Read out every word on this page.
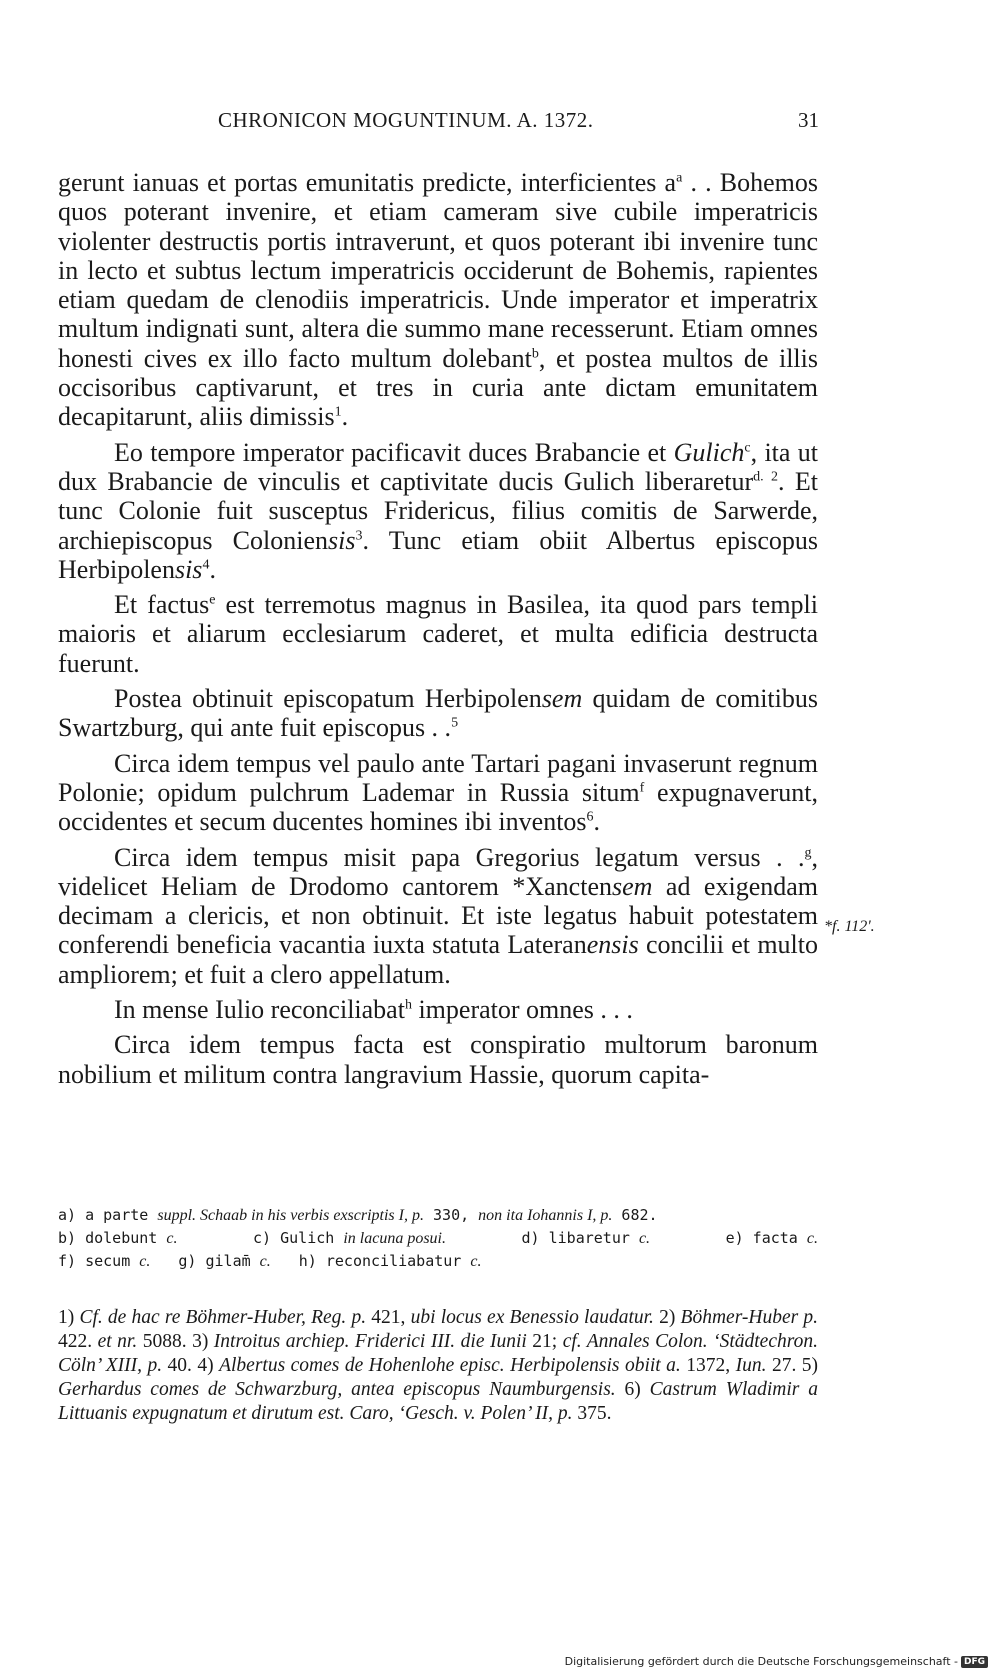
CHRONICON MOGUNTINUM. A. 1372.	31

gerunt ianuas et portas emunitatis predicte, interficientes $a^a$ . . Bohemos quos poterant invenire, et etiam cameram sive cubile imperatricis violenter destructis portis intraverunt, et quos poterant ibi invenire tunc in lecto et subtus lectum imperatricis occiderunt de Bohemis, rapientes etiam quedam de clenodiis imperatricis. Unde imperator et imperatrix multum indignati sunt, altera die summo mane recesserunt. Etiam omnes honesti cives ex illo facto multum dolebant$^b$, et postea multos de illis occisoribus captivarunt, et tres in curia ante dictam emunitatem decapitarunt, aliis dimissis$^1$.

Eo tempore imperator pacificavit duces Brabancie et Gulich$^c$, ita ut dux Brabancie de vinculis et captivitate ducis Gulich liberaretur$^{d. 2}$. Et tunc Colonie fuit susceptus Fridericus, filius comitis de Sarwerde, archiepiscopus Coloniensis$^3$. Tunc etiam obiit Albertus episcopus Herbipolensis$^4$.

Et factus$^e$ est terremotus magnus in Basilea, ita quod pars templi maioris et aliarum ecclesiarum caderet, et multa edificia destructa fuerunt.

Postea obtinuit episcopatum Herbipolensem quidam de comitibus Swartzburg, qui ante fuit episcopus . .$^5$

Circa idem tempus vel paulo ante Tartari pagani invaserunt regnum Polonie; opidum pulchrum Lademar in Russia situm$^f$ expugnaverunt, occidentes et secum ducentes homines ibi inventos$^6$.

Circa idem tempus misit papa Gregorius legatum versus . .$^g$, videlicet Heliam de Drodomo cantorem *Xanctensem ad exigendam decimam a clericis, et non obtinuit. Et iste legatus habuit potestatem conferendi beneficia vacantia iuxta statuta Lateranensis concilii et multo ampliorem; et fuit a clero appellatum.

In mense Iulio reconciliabat$^h$ imperator omnes . . .

Circa idem tempus facta est conspiratio multorum baronum nobilium et militum contra langravium Hassie, quorum capita-

*f. 112'.
a) a parte suppl. Schaab in his verbis exscriptis I, p. 330, non ita Iohannis I, p. 682.
b) dolebunt c.	c) Gulich in lacuna posui.	d) libaretur c.	e) facta c.
f) secum c. g) gilam̄ c. h) reconciliabatur c.
1) Cf. de hac re Böhmer-Huber, Reg. p. 421, ubi locus ex Benessio laudatur. 2) Böhmer-Huber p. 422. et nr. 5088. 3) Introitus archiep. Friderici III. die Iunii 21; cf. Annales Colon. ‘Städtechron. Cöln’ XIII, p. 40. 4) Albertus comes de Hohenlohe episc. Herbipolensis obiit a. 1372, Iun. 27. 5) Gerhardus comes de Schwarzburg, antea episcopus Naumburgensis. 6) Castrum Wladimir a Littuanis expugnatum et dirutum est. Caro, ‘Gesch. v. Polen’ II, p. 375.
Digitalisierung gefördert durch die Deutsche Forschungsgemeinschaft - DFG
